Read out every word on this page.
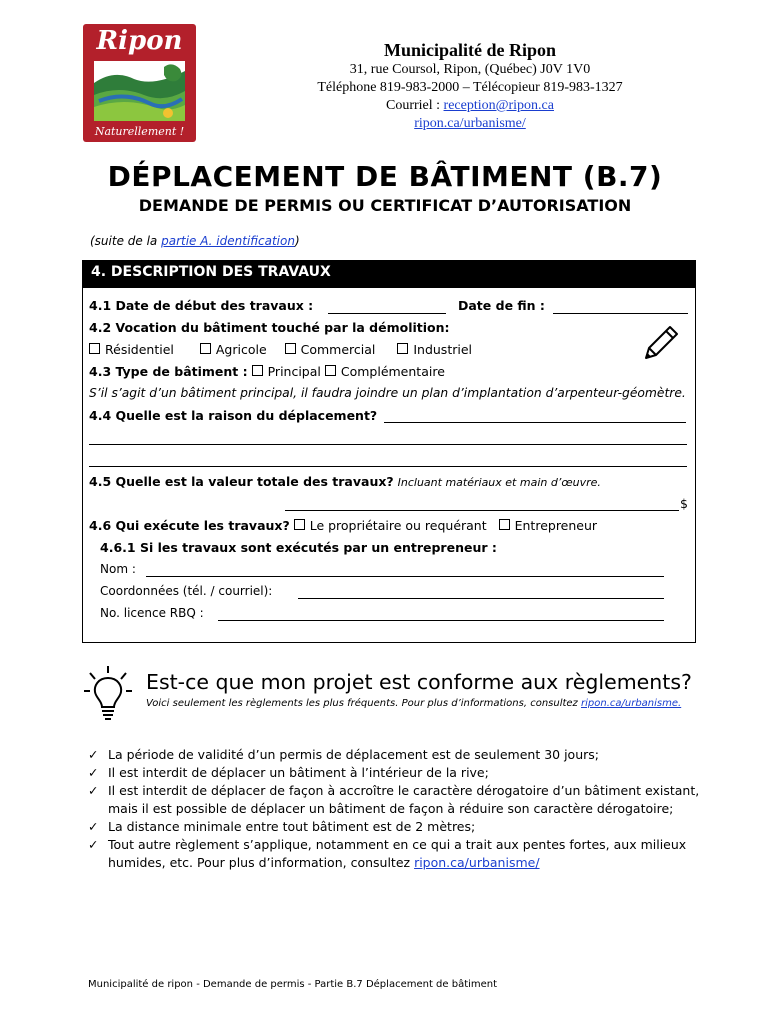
Ripon
Naturellement !
Municipalité de Ripon
31, rue Coursol, Ripon, (Québec) J0V 1V0
Téléphone 819-983-2000 – Télécopieur 819-983-1327
Courriel : reception@ripon.ca
ripon.ca/urbanisme/
DÉPLACEMENT DE BÂTIMENT (B.7)
DEMANDE DE PERMIS OU CERTIFICAT D’AUTORISATION
(suite de la partie A. identification)
4. DESCRIPTION DES TRAVAUX
4.1 Date de début des travaux :	Date de fin :
4.2 Vocation du bâtiment touché par la démolition:
Résidentiel	Agricole	Commercial	Industriel
4.3 Type de bâtiment : Principal Complémentaire
S’il s’agit d’un bâtiment principal, il faudra joindre un plan d’implantation d’arpenteur-géomètre.
4.4 Quelle est la raison du déplacement?
4.5 Quelle est la valeur totale des travaux? Incluant matériaux et main d’œuvre.
$
4.6 Qui exécute les travaux? Le propriétaire ou requérant Entrepreneur
4.6.1 Si les travaux sont exécutés par un entrepreneur :
Nom :
Coordonnées (tél. / courriel):
No. licence RBQ :
Est-ce que mon projet est conforme aux règlements?
Voici seulement les règlements les plus fréquents. Pour plus d’informations, consultez ripon.ca/urbanisme.
✓ La période de validité d’un permis de déplacement est de seulement 30 jours;
✓ Il est interdit de déplacer un bâtiment à l’intérieur de la rive;
✓ Il est interdit de déplacer de façon à accroître le caractère dérogatoire d’un bâtiment existant, mais il est possible de déplacer un bâtiment de façon à réduire son caractère dérogatoire;
✓ La distance minimale entre tout bâtiment est de 2 mètres;
✓ Tout autre règlement s’applique, notamment en ce qui a trait aux pentes fortes, aux milieux humides, etc. Pour plus d’information, consultez ripon.ca/urbanisme/
Municipalité de ripon - Demande de permis - Partie B.7 Déplacement de bâtiment
